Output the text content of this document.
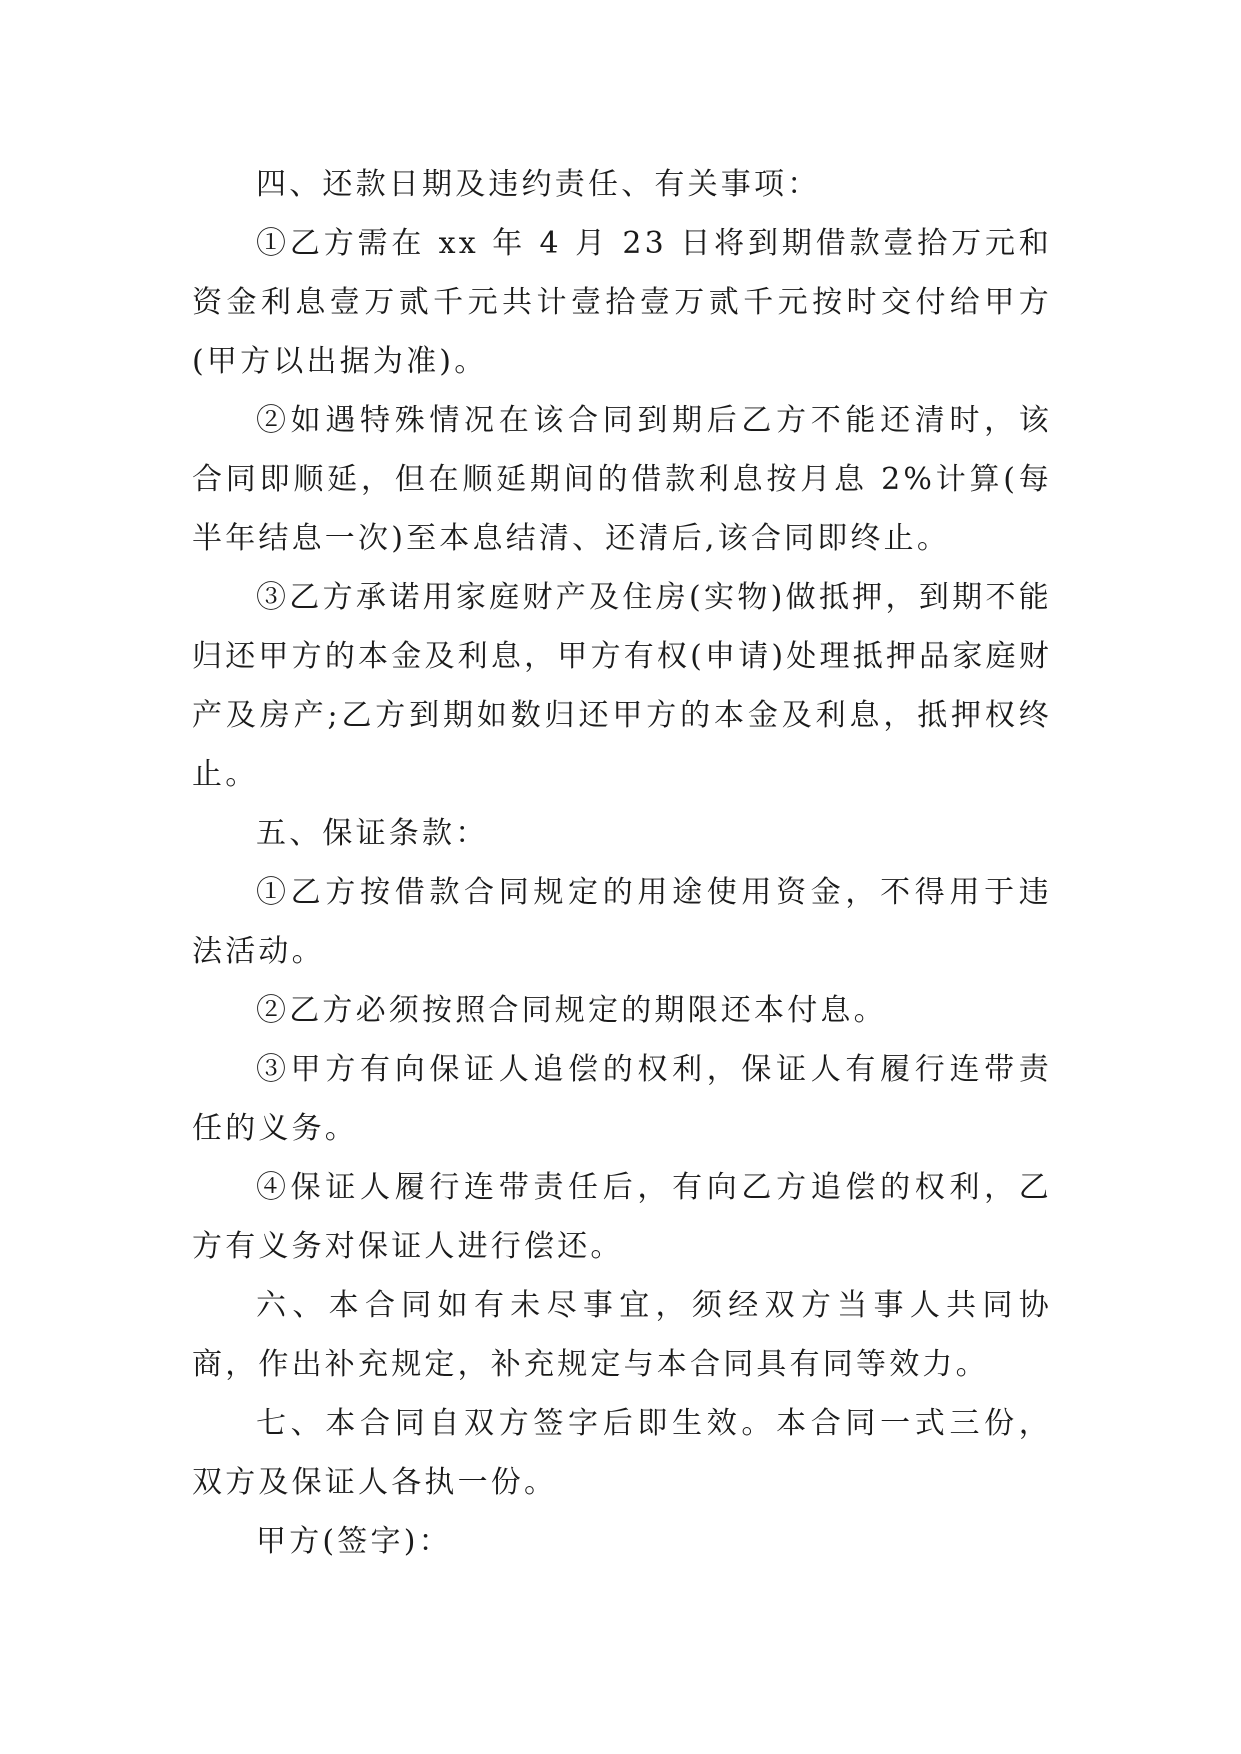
四、还款日期及违约责任、有关事项：

①乙方需在 xx 年 4 月 23 日将到期借款壹拾万元和资金利息壹万贰千元共计壹拾壹万贰千元按时交付给甲方(甲方以出据为准)。

②如遇特殊情况在该合同到期后乙方不能还清时，该合同即顺延，但在顺延期间的借款利息按月息 2%计算(每半年结息一次)至本息结清、还清后,该合同即终止。

③乙方承诺用家庭财产及住房(实物)做抵押，到期不能归还甲方的本金及利息，甲方有权(申请)处理抵押品家庭财产及房产;乙方到期如数归还甲方的本金及利息，抵押权终止。

五、保证条款：

①乙方按借款合同规定的用途使用资金，不得用于违法活动。

②乙方必须按照合同规定的期限还本付息。

③甲方有向保证人追偿的权利，保证人有履行连带责任的义务。

④保证人履行连带责任后，有向乙方追偿的权利，乙方有义务对保证人进行偿还。

六、本合同如有未尽事宜，须经双方当事人共同协商，作出补充规定，补充规定与本合同具有同等效力。

七、本合同自双方签字后即生效。本合同一式三份，双方及保证人各执一份。

甲方(签字)：
